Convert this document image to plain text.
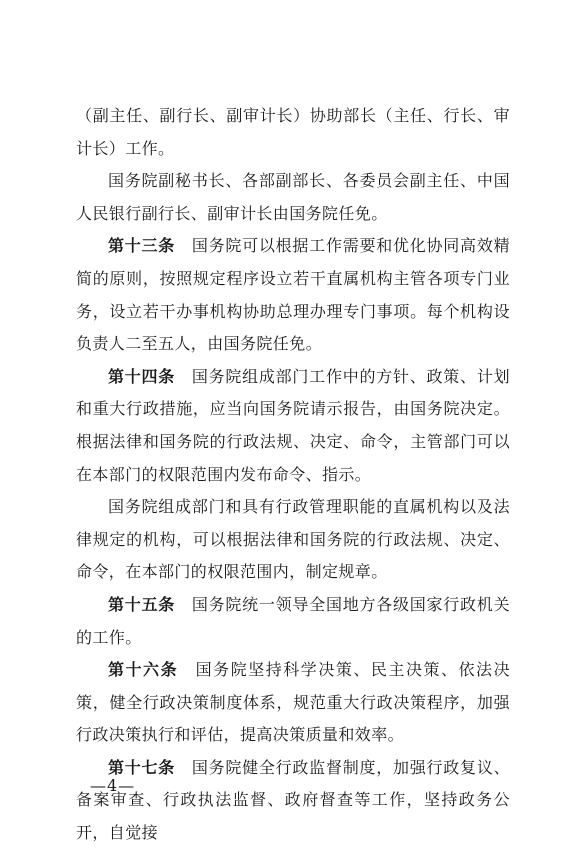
（副主任、副行长、副审计长）协助部长（主任、行长、审计长）工作。

国务院副秘书长、各部副部长、各委员会副主任、中国人民银行副行长、副审计长由国务院任免。

第十三条　国务院可以根据工作需要和优化协同高效精简的原则，按照规定程序设立若干直属机构主管各项专门业务，设立若干办事机构协助总理办理专门事项。每个机构设负责人二至五人，由国务院任免。

第十四条　国务院组成部门工作中的方针、政策、计划和重大行政措施，应当向国务院请示报告，由国务院决定。根据法律和国务院的行政法规、决定、命令，主管部门可以在本部门的权限范围内发布命令、指示。

国务院组成部门和具有行政管理职能的直属机构以及法律规定的机构，可以根据法律和国务院的行政法规、决定、命令，在本部门的权限范围内，制定规章。

第十五条　国务院统一领导全国地方各级国家行政机关的工作。

第十六条　国务院坚持科学决策、民主决策、依法决策，健全行政决策制度体系，规范重大行政决策程序，加强行政决策执行和评估，提高决策质量和效率。

第十七条　国务院健全行政监督制度，加强行政复议、备案审查、行政执法监督、政府督查等工作，坚持政务公开，自觉接

—4—
